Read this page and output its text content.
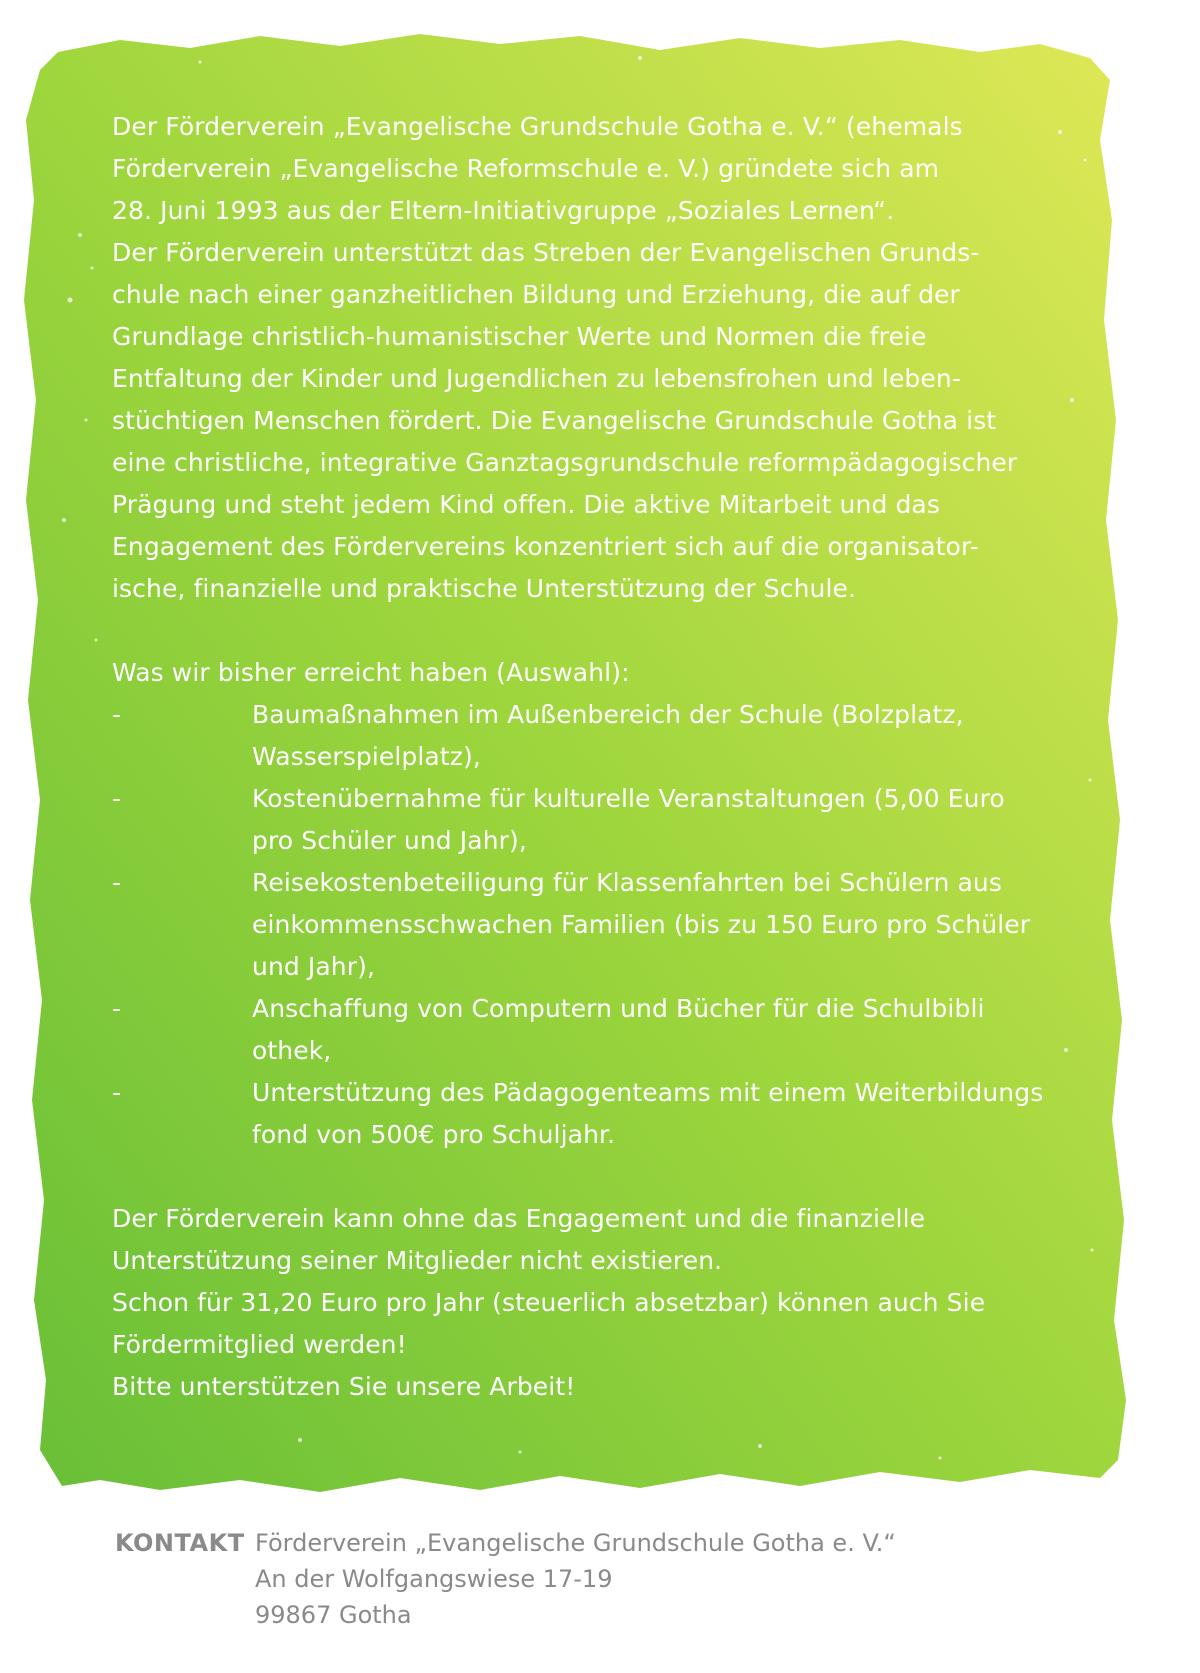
Der Förderverein „Evangelische Grundschule Gotha e. V.“ (ehemals
Förderverein „Evangelische Reformschule e. V.) gründete sich am
28. Juni 1993 aus der Eltern-Initiativgruppe „Soziales Lernen“.
Der Förderverein unterstützt das Streben der Evangelischen Grunds-
chule nach einer ganzheitlichen Bildung und Erziehung, die auf der
Grundlage christlich-humanistischer Werte und Normen die freie
Entfaltung der Kinder und Jugendlichen zu lebensfrohen und leben-
stüchtigen Menschen fördert. Die Evangelische Grundschule Gotha ist
eine christliche, integrative Ganztagsgrundschule reformpädagogischer
Prägung und steht jedem Kind offen. Die aktive Mitarbeit und das
Engagement des Fördervereins konzentriert sich auf die organisator-
ische, finanzielle und praktische Unterstützung der Schule.

Was wir bisher erreicht haben (Auswahl):

-	Baumaßnahmen im Außenbereich der Schule (Bolzplatz,
Wasserspielplatz),
-	Kostenübernahme für kulturelle Veranstaltungen (5,00 Euro
pro Schüler und Jahr),
-	Reisekostenbeteiligung für Klassenfahrten bei Schülern aus
einkommensschwachen Familien (bis zu 150 Euro pro Schüler
und Jahr),
-	Anschaffung von Computern und Bücher für die Schulbibli
othek,
-	Unterstützung des Pädagogenteams mit einem Weiterbildungs
fond von 500€ pro Schuljahr.

Der Förderverein kann ohne das Engagement und die finanzielle
Unterstützung seiner Mitglieder nicht existieren.
Schon für 31,20 Euro pro Jahr (steuerlich absetzbar) können auch Sie
Fördermitglied werden!
Bitte unterstützen Sie unsere Arbeit!

KONTAKT Förderverein „Evangelische Grundschule Gotha e. V.“
An der Wolfgangswiese 17-19
99867 Gotha
